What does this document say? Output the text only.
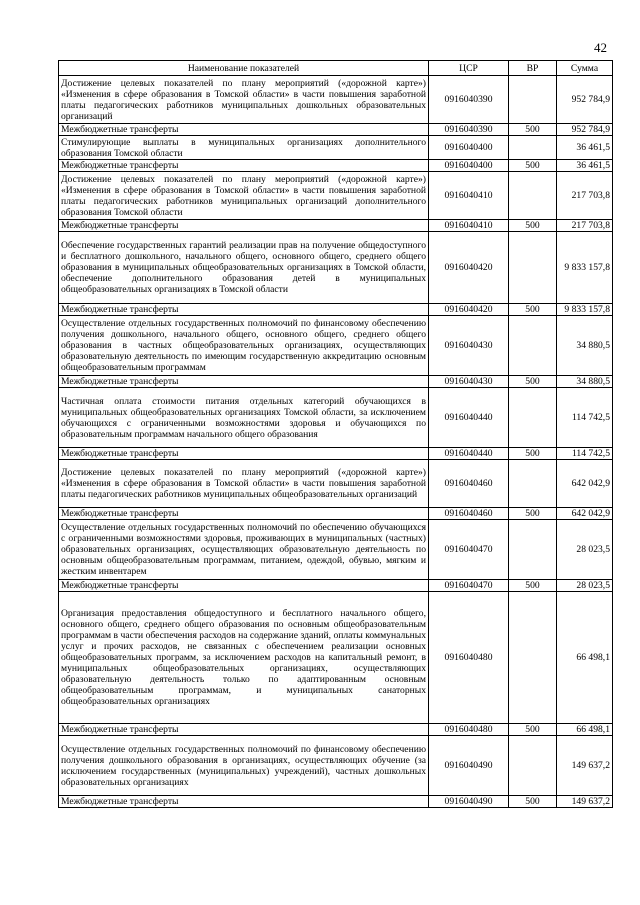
42
Наименование показателей	ЦСР	ВР	Сумма
Достижение целевых показателей по плану мероприятий («дорожной карте») «Изменения в сфере образования в Томской области» в части повышения заработной платы педагогических работников муниципальных дошкольных образовательных организаций	0916040390		952 784,9
Межбюджетные трансферты	0916040390	500	952 784,9
Стимулирующие выплаты в муниципальных организациях дополнительного образования Томской области	0916040400		36 461,5
Межбюджетные трансферты	0916040400	500	36 461,5
Достижение целевых показателей по плану мероприятий («дорожной карте») «Изменения в сфере образования в Томской области» в части повышения заработной платы педагогических работников муниципальных организаций дополнительного образования Томской области	0916040410		217 703,8
Межбюджетные трансферты	0916040410	500	217 703,8
Обеспечение государственных гарантий реализации прав на получение общедоступного и бесплатного дошкольного, начального общего, основного общего, среднего общего образования в муниципальных общеобразовательных организациях в Томской области, обеспечение дополнительного образования детей в муниципальных общеобразовательных организациях в Томской области	0916040420		9 833 157,8
Межбюджетные трансферты	0916040420	500	9 833 157,8
Осуществление отдельных государственных полномочий по финансовому обеспечению получения дошкольного, начального общего, основного общего, среднего общего образования в частных общеобразовательных организациях, осуществляющих образовательную деятельность по имеющим государственную аккредитацию основным общеобразовательным программам	0916040430		34 880,5
Межбюджетные трансферты	0916040430	500	34 880,5
Частичная оплата стоимости питания отдельных категорий обучающихся в муниципальных общеобразовательных организациях Томской области, за исключением обучающихся с ограниченными возможностями здоровья и обучающихся по образовательным программам начального общего образования	0916040440		114 742,5
Межбюджетные трансферты	0916040440	500	114 742,5
Достижение целевых показателей по плану мероприятий («дорожной карте») «Изменения в сфере образования в Томской области» в части повышения заработной платы педагогических работников муниципальных общеобразовательных организаций	0916040460		642 042,9
Межбюджетные трансферты	0916040460	500	642 042,9
Осуществление отдельных государственных полномочий по обеспечению обучающихся с ограниченными возможностями здоровья, проживающих в муниципальных (частных) образовательных организациях, осуществляющих образовательную деятельность по основным общеобразовательным программам, питанием, одеждой, обувью, мягким и жестким инвентарем	0916040470		28 023,5
Межбюджетные трансферты	0916040470	500	28 023,5
Организация предоставления общедоступного и бесплатного начального общего, основного общего, среднего общего образования по основным общеобразовательным программам в части обеспечения расходов на содержание зданий, оплаты коммунальных услуг и прочих расходов, не связанных с обеспечением реализации основных общеобразовательных программ, за исключением расходов на капитальный ремонт, в муниципальных общеобразовательных организациях, осуществляющих образовательную деятельность только по адаптированным основным общеобразовательным программам, и муниципальных санаторных общеобразовательных организациях	0916040480		66 498,1
Межбюджетные трансферты	0916040480	500	66 498,1
Осуществление отдельных государственных полномочий по финансовому обеспечению получения дошкольного образования в организациях, осуществляющих обучение (за исключением государственных (муниципальных) учреждений), частных дошкольных образовательных организациях	0916040490		149 637,2
Межбюджетные трансферты	0916040490	500	149 637,2
